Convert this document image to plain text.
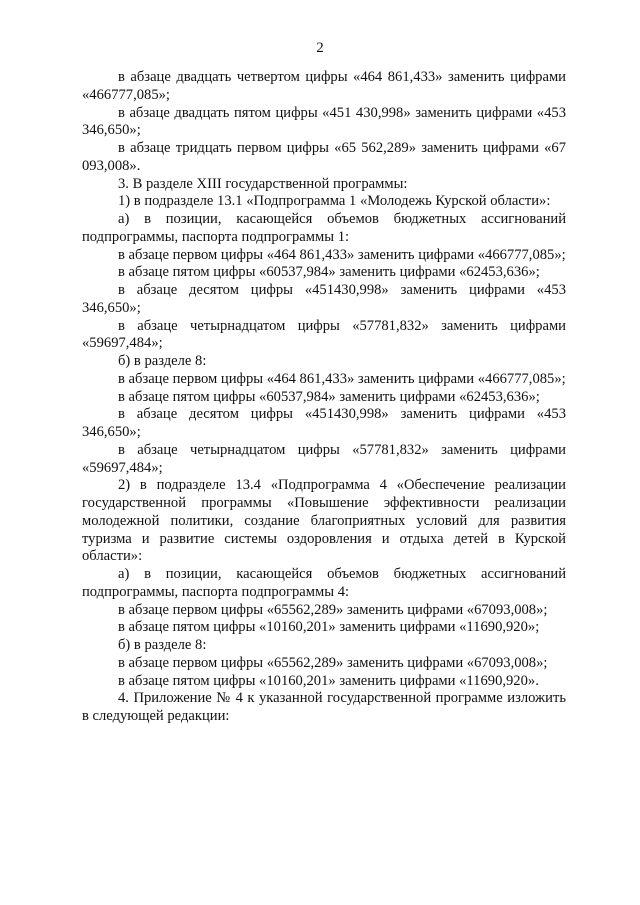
2

в абзаце двадцать четвертом цифры «464 861,433» заменить цифрами «466777,085»;

в абзаце двадцать пятом цифры «451 430,998» заменить цифрами «453 346,650»;

в абзаце тридцать первом цифры «65 562,289» заменить цифрами «67 093,008».

3. В разделе XIII государственной программы:

1) в подразделе 13.1 «Подпрограмма 1 «Молодежь Курской области»:

а) в позиции, касающейся объемов бюджетных ассигнований подпрограммы, паспорта подпрограммы 1:

в абзаце первом цифры «464 861,433» заменить цифрами «466777,085»;

в абзаце пятом цифры «60537,984» заменить цифрами «62453,636»;

в абзаце десятом цифры «451430,998» заменить цифрами «453 346,650»;

в абзаце четырнадцатом цифры «57781,832» заменить цифрами «59697,484»;

б) в разделе 8:

в абзаце первом цифры «464 861,433» заменить цифрами «466777,085»;

в абзаце пятом цифры «60537,984» заменить цифрами «62453,636»;

в абзаце десятом цифры «451430,998» заменить цифрами «453 346,650»;

в абзаце четырнадцатом цифры «57781,832» заменить цифрами «59697,484»;

2) в подразделе 13.4 «Подпрограмма 4 «Обеспечение реализации государственной программы «Повышение эффективности реализации молодежной политики, создание благоприятных условий для развития туризма и развитие системы оздоровления и отдыха детей в Курской области»:

а) в позиции, касающейся объемов бюджетных ассигнований подпрограммы, паспорта подпрограммы 4:

в абзаце первом цифры «65562,289» заменить цифрами «67093,008»;

в абзаце пятом цифры «10160,201» заменить цифрами «11690,920»;

б) в разделе 8:

в абзаце первом цифры «65562,289» заменить цифрами «67093,008»;

в абзаце пятом цифры «10160,201» заменить цифрами «11690,920».

4. Приложение № 4 к указанной государственной программе изложить в следующей редакции:
